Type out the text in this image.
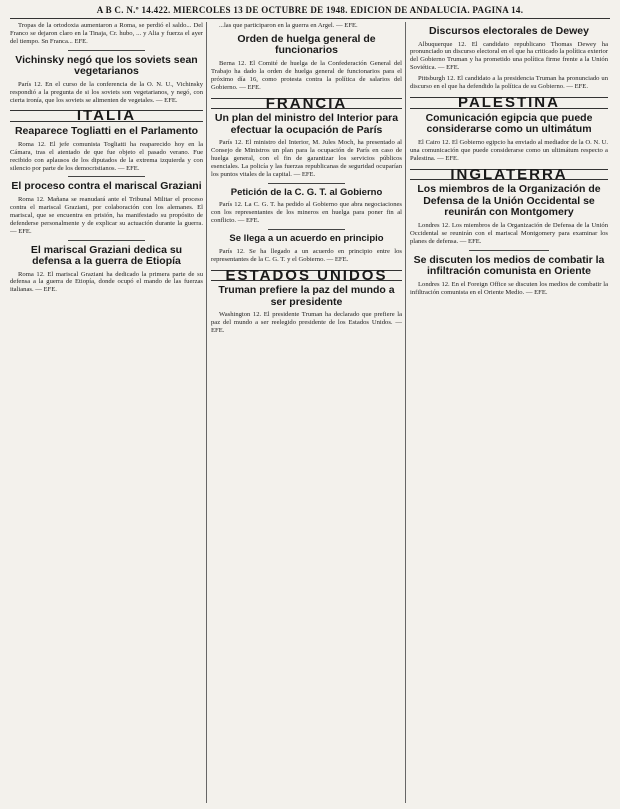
A B C. N.º 14.422. MIERCOLES 13 DE OCTUBRE DE 1948. EDICION DE ANDALUCIA. PAGINA 14.

Tropas de la ortodoxia aumentaron a Roma, se perdió el saldo... Del Franco se dejaron claro en la Tinaja, Cr. hubo, ... y Alia y fuerza el ayer del tiempo. Sn Franca... EFE.

Vichinsky negó que los soviets sean vegetarianos

París 12. En el curso de la conferencia de la O. N. U., Vichinsky respondió a la pregunta de si los soviets son vegetarianos, y negó, con cierta ironía, que los soviets se alimenten de vegetales. — EFE.

ITALIA
Reaparece Togliatti en el Parlamento

Roma 12. El jefe comunista Togliatti ha reaparecido hoy en la Cámara, tras el atentado de que fue objeto el pasado verano. Fue recibido con aplausos de los diputados de la extrema izquierda y con silencio por parte de los democristianos. — EFE.

El proceso contra el mariscal Graziani

Roma 12. Mañana se reanudará ante el Tribunal Militar el proceso contra el mariscal Graziani, por colaboración con los alemanes. El mariscal, que se encuentra en prisión, ha manifestado su propósito de defenderse personalmente y de explicar su actuación durante la guerra. — EFE.

El mariscal Graziani dedica su defensa a la guerra de Etiopía

Roma 12. El mariscal Graziani ha dedicado la primera parte de su defensa a la guerra de Etiopía, donde ocupó el mando de las fuerzas italianas. — EFE.

...las que participaron en la guerra en Argel. — EFE.

Orden de huelga general de funcionarios

Berna 12. El Comité de huelga de la Confederación General del Trabajo ha dado la orden de huelga general de funcionarios para el próximo día 16, como protesta contra la política de salarios del Gobierno. — EFE.

FRANCIA
Un plan del ministro del Interior para efectuar la ocupación de París

París 12. El ministro del Interior, M. Jules Moch, ha presentado al Consejo de Ministros un plan para la ocupación de París en caso de huelga general, con el fin de garantizar los servicios públicos esenciales. La policía y las fuerzas republicanas de seguridad ocuparían los puntos vitales de la capital. — EFE.

Petición de la C. G. T. al Gobierno

París 12. La C. G. T. ha pedido al Gobierno que abra negociaciones con los representantes de los mineros en huelga para poner fin al conflicto. — EFE.

Se llega a un acuerdo en principio

París 12. Se ha llegado a un acuerdo en principio entre los representantes de la C. G. T. y el Gobierno. — EFE.

ESTADOS UNIDOS
Truman prefiere la paz del mundo a ser presidente

Washington 12. El presidente Truman ha declarado que prefiere la paz del mundo a ser reelegido presidente de los Estados Unidos. — EFE.

Discursos electorales de Dewey

Albuquerque 12. El candidato republicano Thomas Dewey ha pronunciado un discurso electoral en el que ha criticado la política exterior del Gobierno Truman y ha prometido una política firme frente a la Unión Soviética. — EFE.

Pittsburgh 12. El candidato a la presidencia Truman ha pronunciado un discurso en el que ha defendido la política de su Gobierno. — EFE.

PALESTINA
Comunicación egipcia que puede considerarse como un ultimátum

El Cairo 12. El Gobierno egipcio ha enviado al mediador de la O. N. U. una comunicación que puede considerarse como un ultimátum respecto a Palestina. — EFE.

INGLATERRA
Los miembros de la Organización de Defensa de la Unión Occidental se reunirán con Montgomery

Londres 12. Los miembros de la Organización de Defensa de la Unión Occidental se reunirán con el mariscal Montgomery para examinar los planes de defensa. — EFE.

Se discuten los medios de combatir la infiltración comunista en Oriente

Londres 12. En el Foreign Office se discuten los medios de combatir la infiltración comunista en el Oriente Medio. — EFE.
